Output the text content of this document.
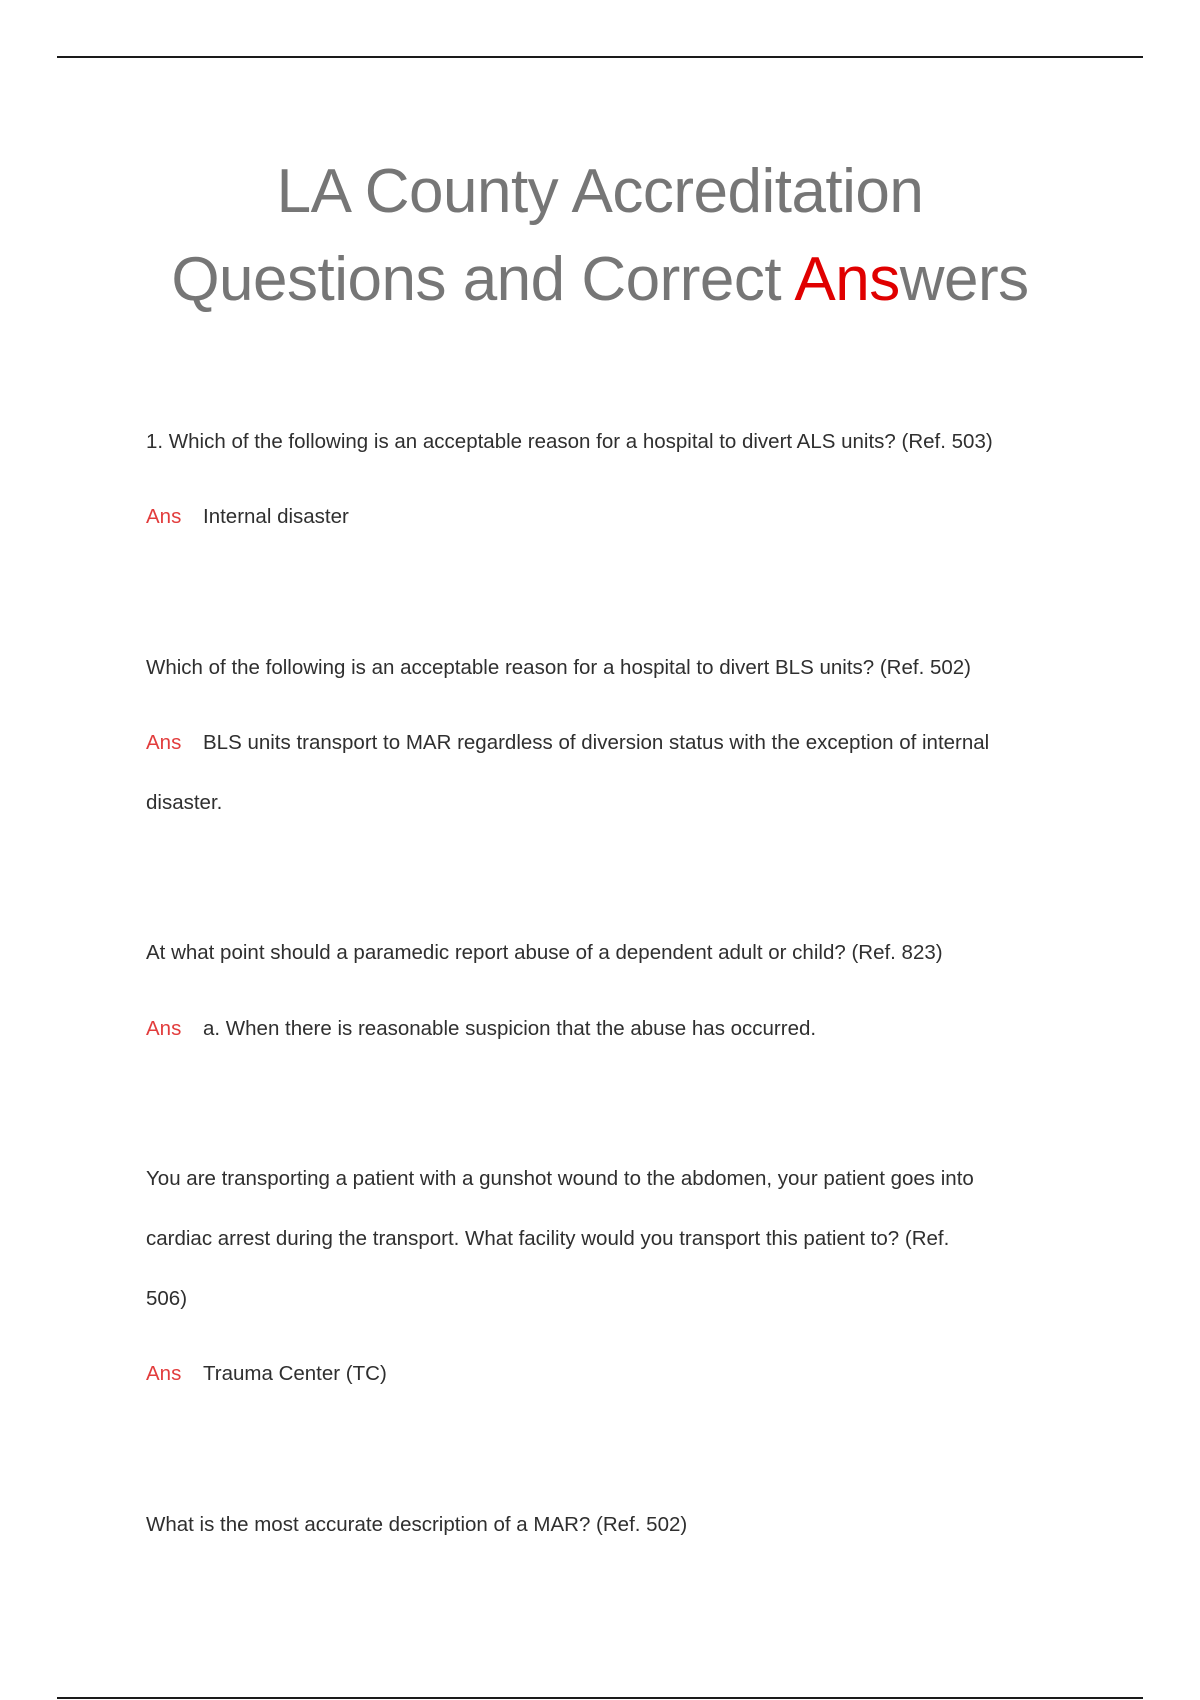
LA County Accreditation
Questions and Correct Answers
1. Which of the following is an acceptable reason for a hospital to divert ALS units? (Ref. 503)
Ans Internal disaster
Which of the following is an acceptable reason for a hospital to divert BLS units? (Ref. 502)
Ans BLS units transport to MAR regardless of diversion status with the exception of internal
disaster.
At what point should a paramedic report abuse of a dependent adult or child? (Ref. 823)
Ans a. When there is reasonable suspicion that the abuse has occurred.
You are transporting a patient with a gunshot wound to the abdomen, your patient goes into
cardiac arrest during the transport. What facility would you transport this patient to? (Ref.
506)
Ans Trauma Center (TC)
What is the most accurate description of a MAR? (Ref. 502)
